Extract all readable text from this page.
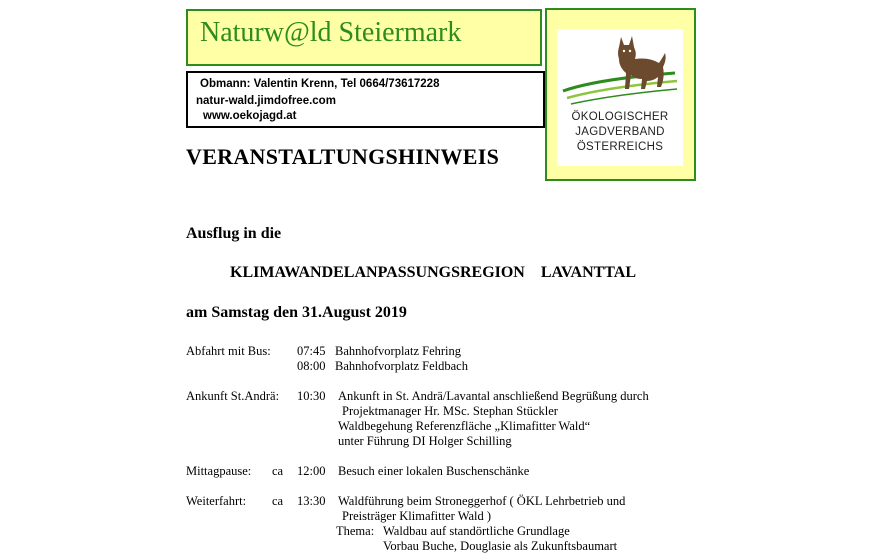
Naturw@ld Steiermark
Obmann: Valentin Krenn, Tel 0664/73617228
natur-wald.jimdofree.com
www.oekojagd.at	ÖKOLOGISCHER
JAGDVERBAND
ÖSTERREICHS
VERANSTALTUNGSHINWEIS
Ausflug in die
KLIMAWANDELANPASSUNGSREGION    LAVANTTAL
am Samstag den 31.August 2019
Abfahrt mit Bus: 07:45 Bahnhofvorplatz Fehring
08:00 Bahnhofvorplatz Feldbach
Ankunft St.Andrä: 10:30 Ankunft in St. Andrä/Lavantal anschließend Begrüßung durch
Projektmanager Hr. MSc. Stephan Stückler
Waldbegehung Referenzfläche „Klimafitter Wald“
unter Führung DI Holger Schilling
Mittagpause: ca 12:00 Besuch einer lokalen Buschenschänke
Weiterfahrt: ca 13:30 Waldführung beim Stroneggerhof ( ÖKL Lehrbetrieb und
Preisträger Klimafitter Wald )
Thema: Waldbau auf standörtliche Grundlage
Vorbau Buche, Douglasie als Zukunftsbaumart
